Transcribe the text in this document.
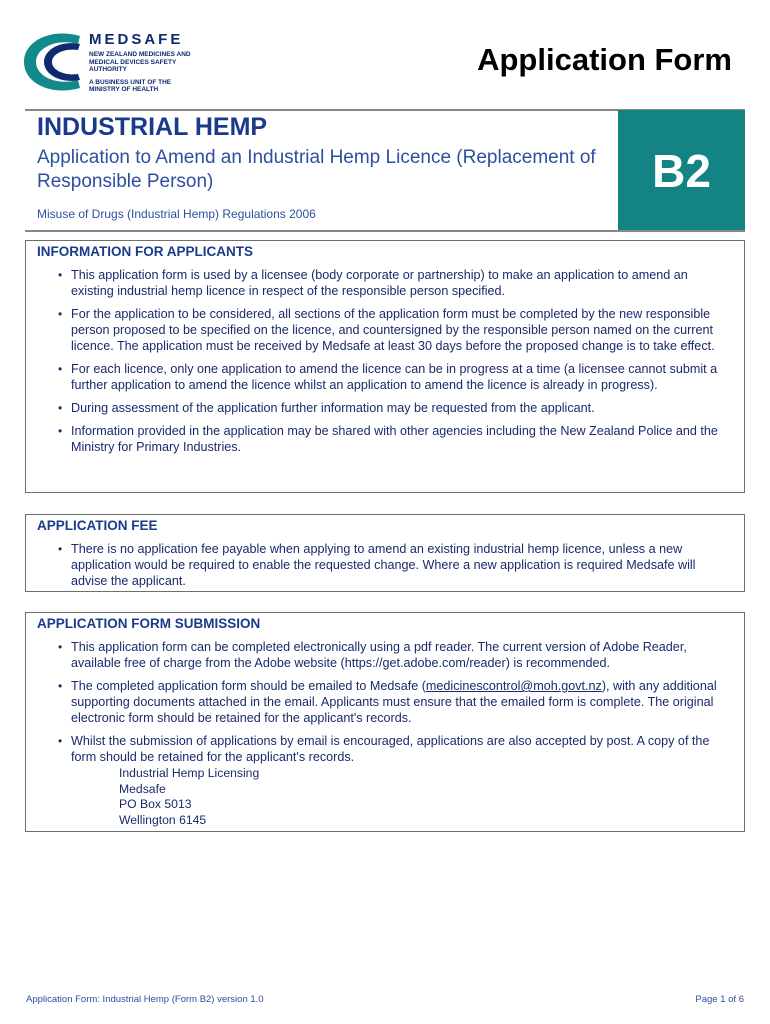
MEDSAFE
NEW ZEALAND MEDICINES AND MEDICAL DEVICES SAFETY AUTHORITY
A BUSINESS UNIT OF THE MINISTRY OF HEALTH
Application Form
INDUSTRIAL HEMP
Application to Amend an Industrial Hemp Licence (Replacement of Responsible Person)
Misuse of Drugs (Industrial Hemp) Regulations 2006
B2
INFORMATION FOR APPLICANTS
• This application form is used by a licensee (body corporate or partnership) to make an application to amend an existing industrial hemp licence in respect of the responsible person specified.
• For the application to be considered, all sections of the application form must be completed by the new responsible person proposed to be specified on the licence, and countersigned by the responsible person named on the current licence. The application must be received by Medsafe at least 30 days before the proposed change is to take effect.
• For each licence, only one application to amend the licence can be in progress at a time (a licensee cannot submit a further application to amend the licence whilst an application to amend the licence is already in progress).
• During assessment of the application further information may be requested from the applicant.
• Information provided in the application may be shared with other agencies including the New Zealand Police and the Ministry for Primary Industries.
APPLICATION FEE
• There is no application fee payable when applying to amend an existing industrial hemp licence, unless a new application would be required to enable the requested change. Where a new application is required Medsafe will advise the applicant.
APPLICATION FORM SUBMISSION
• This application form can be completed electronically using a pdf reader. The current version of Adobe Reader, available free of charge from the Adobe website (https://get.adobe.com/reader) is recommended.
• The completed application form should be emailed to Medsafe (medicinescontrol@moh.govt.nz), with any additional supporting documents attached in the email. Applicants must ensure that the emailed form is complete. The original electronic form should be retained for the applicant's records.
• Whilst the submission of applications by email is encouraged, applications are also accepted by post. A copy of the form should be retained for the applicant's records.
Industrial Hemp Licensing
Medsafe
PO Box 5013
Wellington 6145
Application Form: Industrial Hemp (Form B2) version 1.0	Page 1 of 6
